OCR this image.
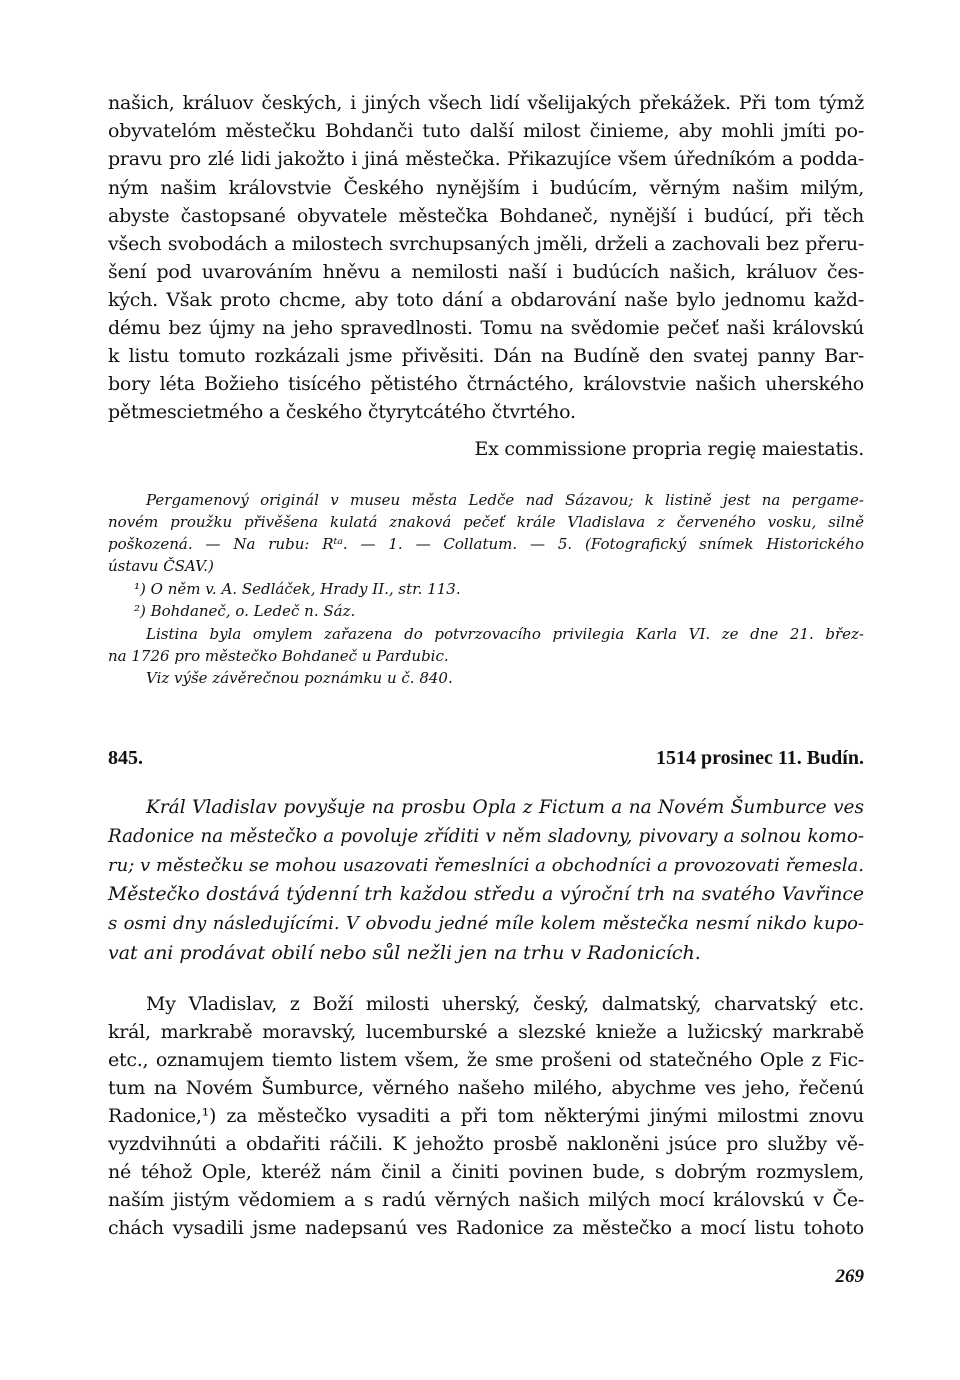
našich, králuov českých, i jiných všech lidí všelijakých překážek. Při tom týmž

obyvatelóm městečku Bohdanči tuto další milost činieme, aby mohli jmíti po-

pravu pro zlé lidi jakožto i jiná městečka. Přikazujíce všem úředníkóm a podda-

ným našim královstvie Českého nynějším i budúcím, věrným našim milým,

abyste častopsané obyvatele městečka Bohdaneč, nynější i budúcí, při těch

všech svobodách a milostech svrchupsaných jměli, drželi a zachovali bez přeru-

šení pod uvarováním hněvu a nemilosti naší i budúcích našich, králuov čes-

kých. Však proto chcme, aby toto dání a obdarování naše bylo jednomu každ-

dému bez újmy na jeho spravedlnosti. Tomu na svědomie pečeť naši královskú

k listu tomuto rozkázali jsme přivěsiti. Dán na Budíně den svatej panny Bar-

bory léta Božieho tisícého pětistého čtrnáctého, královstvie našich uherského

pětmescietmého a českého čtyrytcátého čtvrtého.

Ex commissione propria regię maiestatis.

Pergamenový originál v museu města Ledče nad Sázavou; k listině jest na pergame-

novém proužku přivěšena kulatá znaková pečeť krále Vladislava z červeného vosku, silně

poškozená. — Na rubu: Rᵗᵃ. — 1. — Collatum. — 5. (Fotografický snímek Historického

ústavu ČSAV.)

¹) O něm v. A. Sedláček, Hrady II., str. 113.

²) Bohdaneč, o. Ledeč n. Sáz.

Listina byla omylem zařazena do potvrzovacího privilegia Karla VI. ze dne 21. břez-

na 1726 pro městečko Bohdaneč u Pardubic.

Viz výše závěrečnou poznámku u č. 840.

845.	1514 prosinec 11. Budín.

Král Vladislav povyšuje na prosbu Opla z Fictum a na Novém Šumburce ves

Radonice na městečko a povoluje zříditi v něm sladovny, pivovary a solnou komo-

ru; v městečku se mohou usazovati řemeslníci a obchodníci a provozovati řemesla.

Městečko dostává týdenní trh každou středu a výroční trh na svatého Vavřince

s osmi dny následujícími. V obvodu jedné míle kolem městečka nesmí nikdo kupo-

vat ani prodávat obilí nebo sůl nežli jen na trhu v Radonicích.

My Vladislav, z Boží milosti uherský, český, dalmatský, charvatský etc.

král, markrabě moravský, lucemburské a slezské knieže a lužicský markrabě

etc., oznamujem tiemto listem všem, že sme prošeni od statečného Ople z Fic-

tum na Novém Šumburce, věrného našeho milého, abychme ves jeho, řečenú

Radonice,¹) za městečko vysaditi a při tom některými jinými milostmi znovu

vyzdvihnúti a obdařiti ráčili. K jehožto prosbě nakloněni jsúce pro služby vě-

né téhož Ople, kteréž nám činil a činiti povinen bude, s dobrým rozmyslem,

naším jistým vědomiem a s radú věrných našich milých mocí královskú v Če-

chách vysadili jsme nadepsanú ves Radonice za městečko a mocí listu tohoto

269
